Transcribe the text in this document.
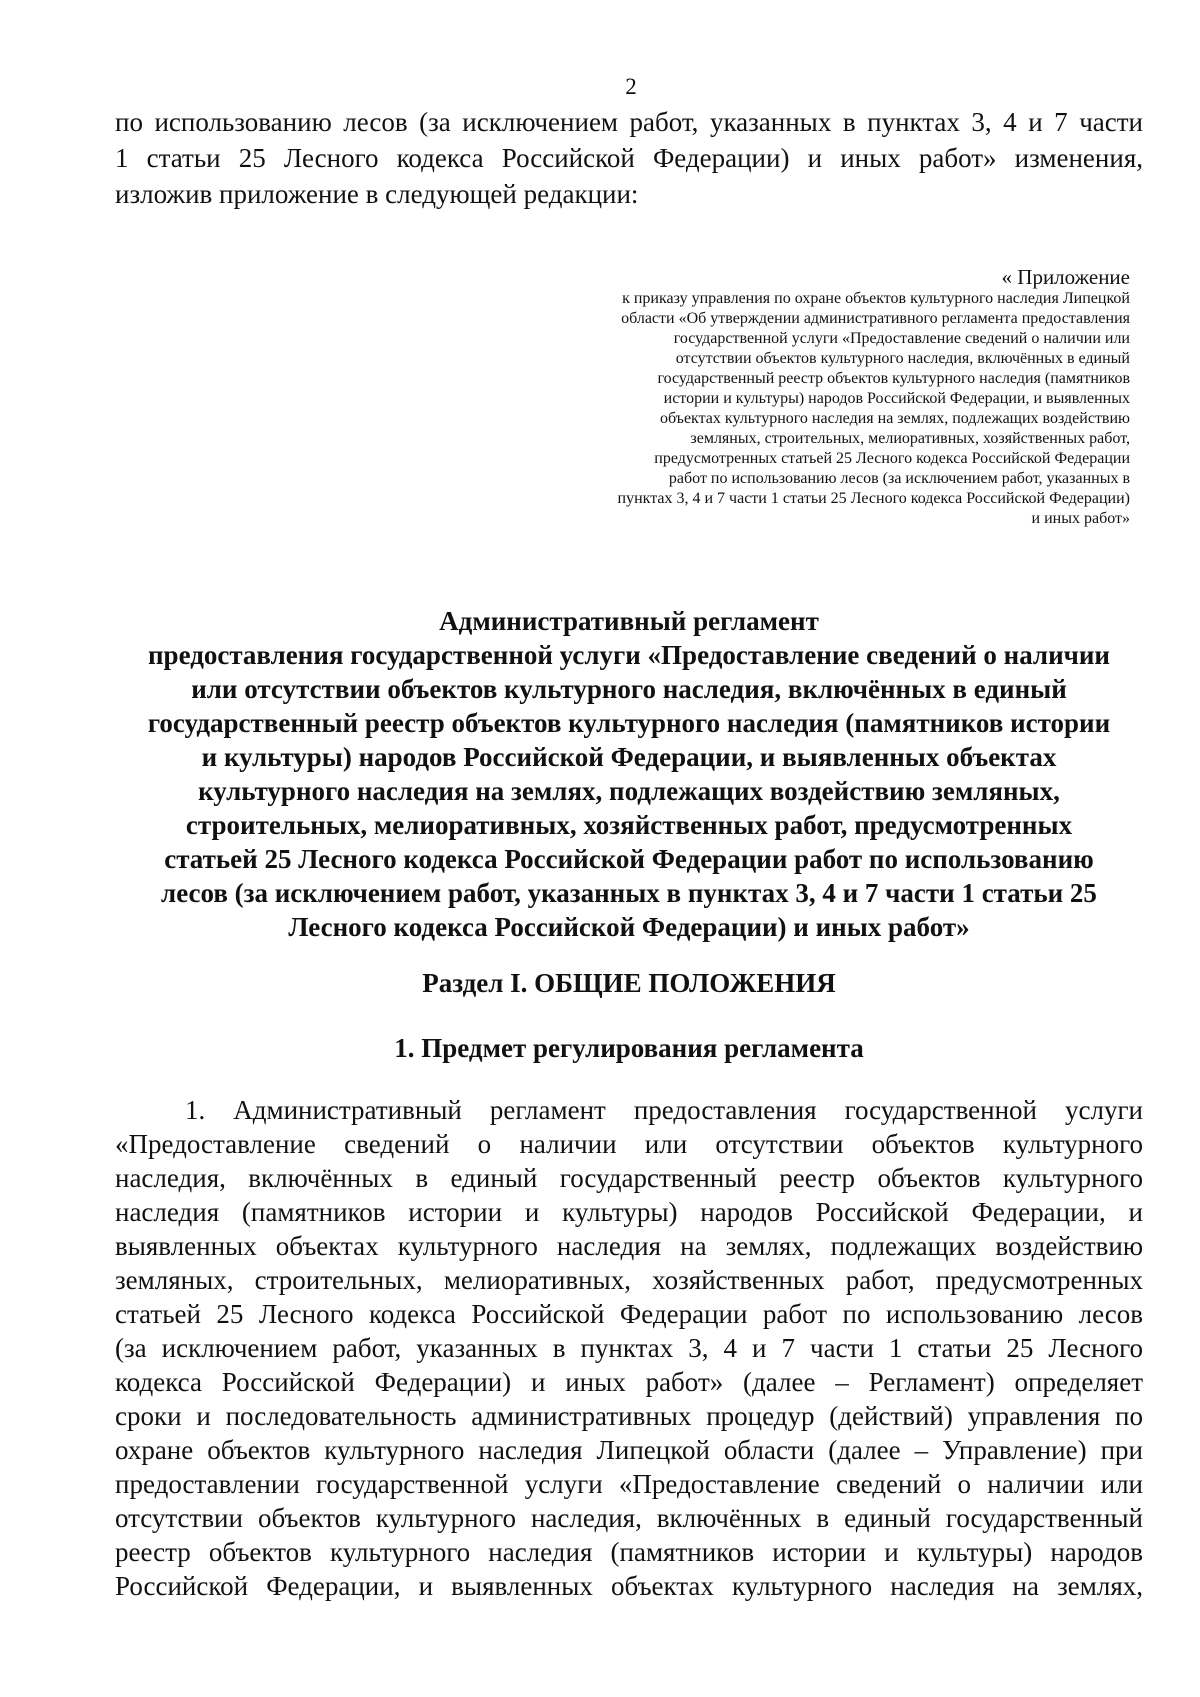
2
по использованию лесов (за исключением работ, указанных в пунктах 3, 4 и 7 части
1 статьи 25 Лесного кодекса Российской Федерации) и иных работ» изменения,
изложив приложение в следующей редакции:
« Приложение
к приказу управления по охране объектов культурного наследия Липецкой
области «Об утверждении административного регламента предоставления
государственной услуги «Предоставление сведений о наличии или
отсутствии объектов культурного наследия, включённых в единый
государственный реестр объектов культурного наследия (памятников
истории и культуры) народов Российской Федерации, и выявленных
объектах культурного наследия на землях, подлежащих воздействию
земляных, строительных, мелиоративных, хозяйственных работ,
предусмотренных статьей 25 Лесного кодекса Российской Федерации
работ по использованию лесов (за исключением работ, указанных в
пунктах 3, 4 и 7 части 1 статьи 25 Лесного кодекса Российской Федерации)
и иных работ»
Административный регламент
предоставления государственной услуги «Предоставление сведений о наличии
или отсутствии объектов культурного наследия, включённых в единый
государственный реестр объектов культурного наследия (памятников истории
и культуры) народов Российской Федерации, и выявленных объектах
культурного наследия на землях, подлежащих воздействию земляных,
строительных, мелиоративных, хозяйственных работ, предусмотренных
статьей 25 Лесного кодекса Российской Федерации работ по использованию
лесов (за исключением работ, указанных в пунктах 3, 4 и 7 части 1 статьи 25
Лесного кодекса Российской Федерации) и иных работ»
Раздел I. ОБЩИЕ ПОЛОЖЕНИЯ
1. Предмет регулирования регламента
1. Административный регламент предоставления государственной услуги
«Предоставление сведений о наличии или отсутствии объектов культурного
наследия, включённых в единый государственный реестр объектов культурного
наследия (памятников истории и культуры) народов Российской Федерации, и
выявленных объектах культурного наследия на землях, подлежащих воздействию
земляных, строительных, мелиоративных, хозяйственных работ, предусмотренных
статьей 25 Лесного кодекса Российской Федерации работ по использованию лесов
(за исключением работ, указанных в пунктах 3, 4 и 7 части 1 статьи 25 Лесного
кодекса Российской Федерации) и иных работ» (далее – Регламент) определяет
сроки и последовательность административных процедур (действий) управления по
охране объектов культурного наследия Липецкой области (далее – Управление) при
предоставлении государственной услуги «Предоставление сведений о наличии или
отсутствии объектов культурного наследия, включённых в единый государственный
реестр объектов культурного наследия (памятников истории и культуры) народов
Российской Федерации, и выявленных объектах культурного наследия на землях,
